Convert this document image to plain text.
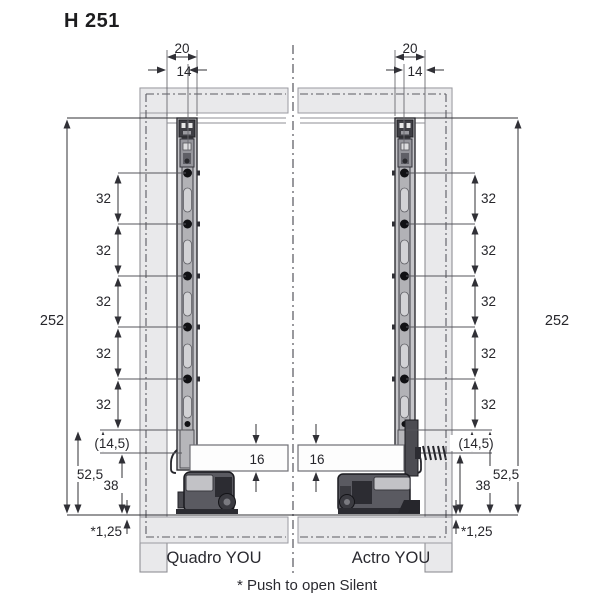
H 251
20
14
20
14
252	252
32
32
32
32
32
32
32
32
32
32
(14,5)	(14,5)
52,5	52,5
38	38
*1,25	*1,25
16	16
Quadro YOU	Actro YOU
* Push to open Silent
